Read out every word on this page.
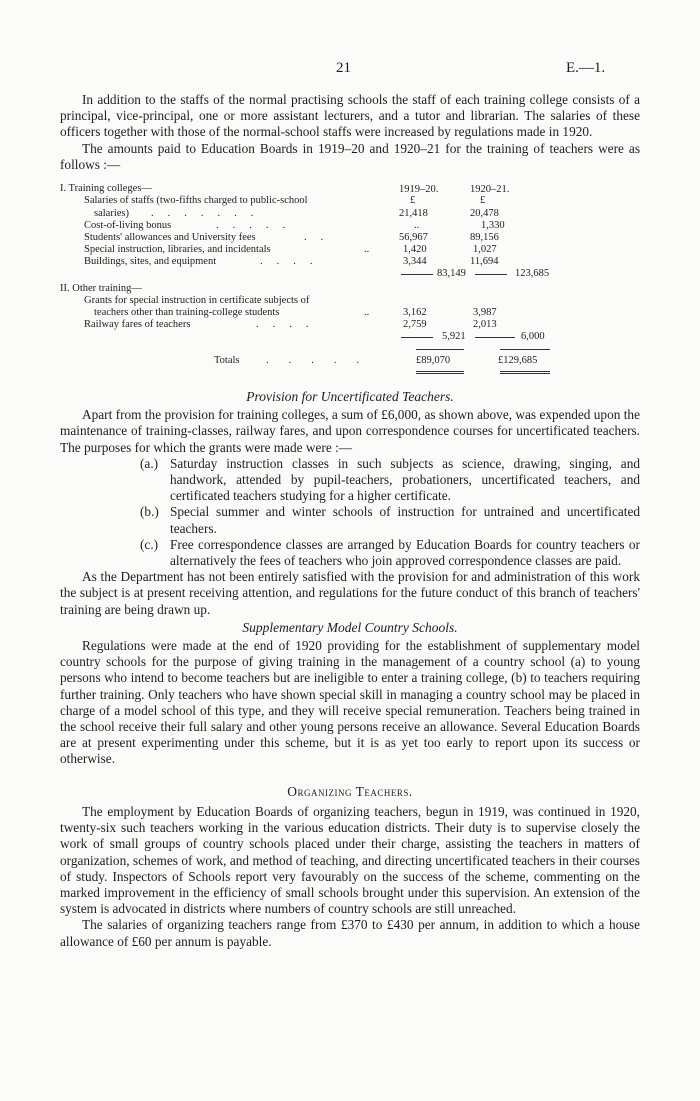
21	E.—1.

In addition to the staffs of the normal practising schools the staff of each training college consists of a principal, vice-principal, one or more assistant lecturers, and a tutor and librarian. The salaries of these officers together with those of the normal-school staffs were increased by regulations made in 1920.

The amounts paid to Education Boards in 1919–20 and 1920–21 for the training of teachers were as follows :—

I. Training colleges—	1919–20.	1920–21.
£	£
Salaries of staffs (two-fifths charged to public-school
salaries) .......	21,418	20,478
Cost-of-living bonus	.....	..	1,330
Students' allowances and University fees	..	56,967	89,156
Special instruction, libraries, and incidentals	..	1,420	1,027
Buildings, sites, and equipment	....	3,344	11,694
83,149	123,685
II. Other training—
Grants for special instruction in certificate subjects of
teachers other than training-college students	..	3,162	3,987
Railway fares of teachers	....	2,759	2,013
5,921	6,000
Totals	.....	£89,070	£129,685

Provision for Uncertificated Teachers.

Apart from the provision for training colleges, a sum of £6,000, as shown above, was expended upon the maintenance of training-classes, railway fares, and upon correspondence courses for uncertificated teachers. The purposes for which the grants were made were :—

(a.) Saturday instruction classes in such subjects as science, drawing, singing, and handwork, attended by pupil-teachers, probationers, uncertificated teachers, and certificated teachers studying for a higher certificate.
(b.) Special summer and winter schools of instruction for untrained and uncertificated teachers.
(c.) Free correspondence classes are arranged by Education Boards for country teachers or alternatively the fees of teachers who join approved correspondence classes are paid.

As the Department has not been entirely satisfied with the provision for and administration of this work the subject is at present receiving attention, and regulations for the future conduct of this branch of teachers' training are being drawn up.

Supplementary Model Country Schools.

Regulations were made at the end of 1920 providing for the establishment of supplementary model country schools for the purpose of giving training in the management of a country school (a) to young persons who intend to become teachers but are ineligible to enter a training college, (b) to teachers requiring further training. Only teachers who have shown special skill in managing a country school may be placed in charge of a model school of this type, and they will receive special remuneration. Teachers being trained in the school receive their full salary and other young persons receive an allowance. Several Education Boards are at present experimenting under this scheme, but it is as yet too early to report upon its success or otherwise.

Organizing Teachers.

The employment by Education Boards of organizing teachers, begun in 1919, was continued in 1920, twenty-six such teachers working in the various education districts. Their duty is to supervise closely the work of small groups of country schools placed under their charge, assisting the teachers in matters of organization, schemes of work, and method of teaching, and directing uncertificated teachers in their courses of study. Inspectors of Schools report very favourably on the success of the scheme, commenting on the marked improvement in the efficiency of small schools brought under this supervision. An extension of the system is advocated in districts where numbers of country schools are still unreached.

The salaries of organizing teachers range from £370 to £430 per annum, in addition to which a house allowance of £60 per annum is payable.
